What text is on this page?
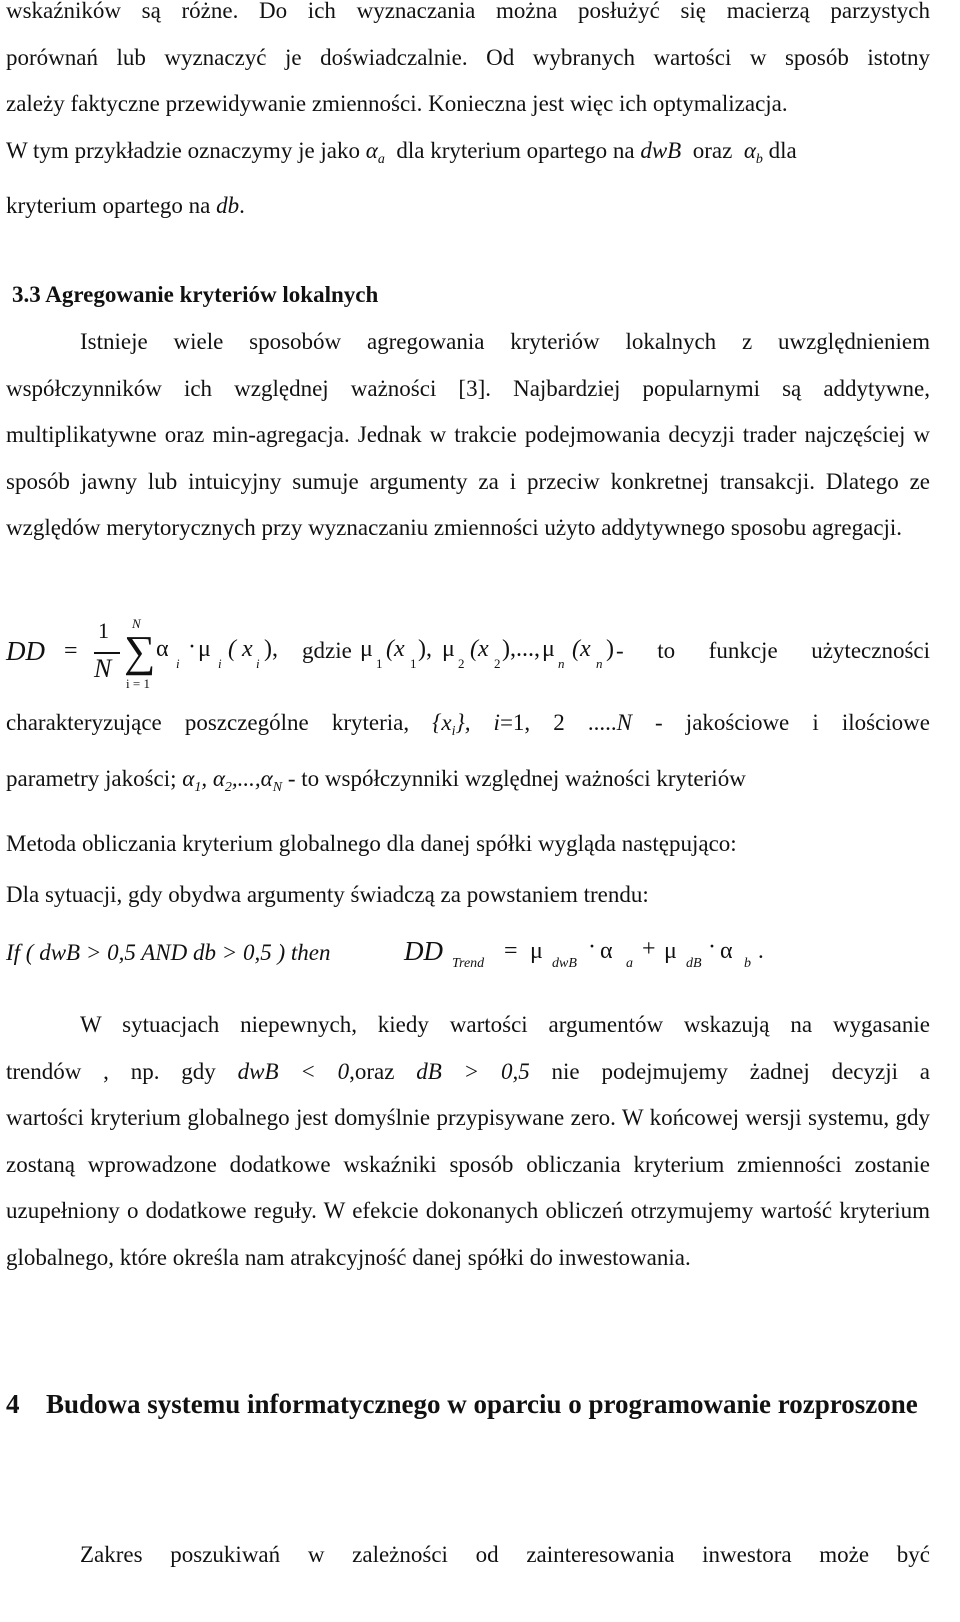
wskaźników są różne. Do ich wyznaczania można posłużyć się macierzą parzystych

porównań lub wyznaczyć je doświadczalnie. Od wybranych wartości w sposób istotny

zależy faktyczne przewidywanie zmienności. Konieczna jest więc ich optymalizacja.

W tym przykładzie oznaczymy je jako $\alpha_a$ dla kryterium opartego na dwB oraz $\alpha_b$ dla

kryterium opartego na db.

3.3 Agregowanie kryteriów lokalnych

Istnieje wiele sposobów agregowania kryteriów lokalnych z uwzględnieniem współczynników ich względnej ważności [3]. Najbardziej popularnymi są addytywne, multiplikatywne oraz min-agregacja. Jednak w trakcie podejmowania decyzji trader najczęściej w sposób jawny lub intuicyjny sumuje argumenty za i przeciw konkretnej transakcji. Dlatego ze względów merytorycznych przy wyznaczaniu zmienności użyto addytywnego sposobu agregacji.

DD =
1
N
N
∑
i = 1
α
i
· μ
i
( x
i
), gdzie μ
1
(x
1
), μ
2
(x
2
),..., μ
n
(x
n
) - to funkcje użyteczności

charakteryzujące poszczególne kryteria, $\{x_i\}$, i=1, 2 .....N - jakościowe i ilościowe

parametry jakości; $\alpha_1$, $\alpha_2,...,\alpha_N$ - to współczynniki względnej ważności kryteriów

Metoda obliczania kryterium globalnego dla danej spółki wygląda następująco:

Dla sytuacji, gdy obydwa argumenty świadczą za powstaniem trendu:

If ( dwB > 0,5 AND db > 0,5 ) then	DD Trend = μ dwB
· α a
+ μ dB
· α b
.

W sytuacjach niepewnych, kiedy wartości argumentów wskazują na wygasanie

trendów , np. gdy dwB < 0,oraz dB > 0,5 nie podejmujemy żadnej decyzji a

wartości kryterium globalnego jest domyślnie przypisywane zero. W końcowej wersji systemu, gdy zostaną wprowadzone dodatkowe wskaźniki sposób obliczania kryterium zmienności zostanie uzupełniony o dodatkowe reguły. W efekcie dokonanych obliczeń otrzymujemy wartość kryterium globalnego, które określa nam atrakcyjność danej spółki do inwestowania.

4 Budowa systemu informatycznego w oparciu o programowanie rozproszone

Zakres poszukiwań w zależności od zainteresowania inwestora może być
